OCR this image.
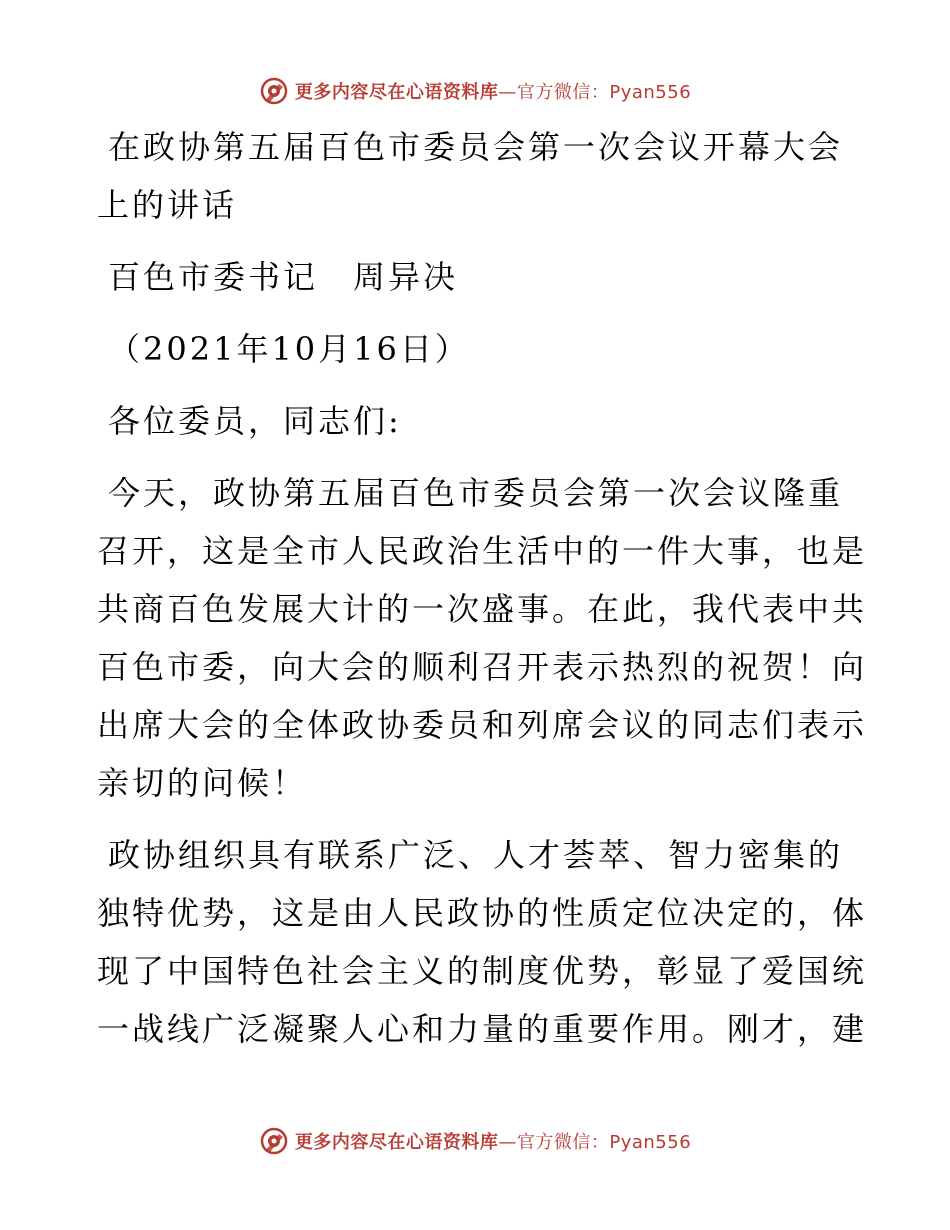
更多内容尽在心语资料库—官方微信：Pyan556
在政协第五届百色市委员会第一次会议开幕大会
上的讲话
百色市委书记　周异决
（2021年10月16日）
各位委员，同志们:
今天，政协第五届百色市委员会第一次会议隆重
召开，这是全市人民政治生活中的一件大事，也是
共商百色发展大计的一次盛事。在此，我代表中共
百色市委，向大会的顺利召开表示热烈的祝贺！向
出席大会的全体政协委员和列席会议的同志们表示
亲切的问候！
政协组织具有联系广泛、人才荟萃、智力密集的
独特优势，这是由人民政协的性质定位决定的，体
现了中国特色社会主义的制度优势，彰显了爱国统
一战线广泛凝聚人心和力量的重要作用。刚才，建
更多内容尽在心语资料库—官方微信：Pyan556
